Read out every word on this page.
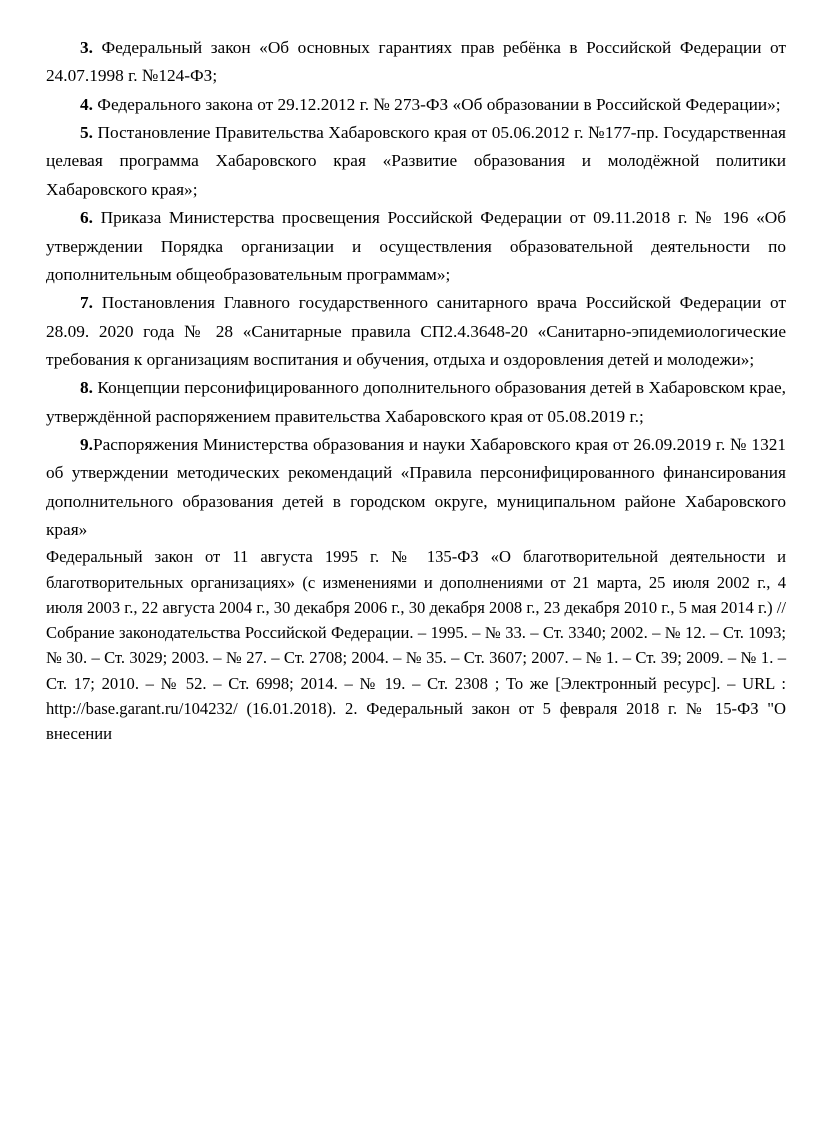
3. Федеральный закон «Об основных гарантиях прав ребёнка в Российской Федерации от 24.07.1998 г. №124-ФЗ;

4. Федерального закона от 29.12.2012 г. № 273-ФЗ «Об образовании в Российской Федерации»;

5. Постановление Правительства Хабаровского края от 05.06.2012 г. №177-пр. Государственная целевая программа Хабаровского края «Развитие образования и молодёжной политики Хабаровского края»;

6. Приказа Министерства просвещения Российской Федерации от 09.11.2018 г. № 196 «Об утверждении Порядка организации и осуществления образовательной деятельности по дополнительным общеобразовательным программам»;

7. Постановления Главного государственного санитарного врача Российской Федерации от 28.09. 2020 года № 28 «Санитарные правила СП2.4.3648-20 «Санитарно-эпидемиологические требования к организациям воспитания и обучения, отдыха и оздоровления детей и молодежи»;

8. Концепции персонифицированного дополнительного образования детей в Хабаровском крае, утверждённой распоряжением правительства Хабаровского края от 05.08.2019 г.;

9.Распоряжения Министерства образования и науки Хабаровского края от 26.09.2019 г. № 1321 об утверждении методических рекомендаций «Правила персонифицированного финансирования дополнительного образования детей в городском округе, муниципальном районе Хабаровского края»

Федеральный закон от 11 августа 1995 г. № 135-ФЗ «О благотворительной деятельности и благотворительных организациях» (с изменениями и дополнениями от 21 марта, 25 июля 2002 г., 4 июля 2003 г., 22 августа 2004 г., 30 декабря 2006 г., 30 декабря 2008 г., 23 декабря 2010 г., 5 мая 2014 г.) // Собрание законодательства Российской Федерации. – 1995. – № 33. – Ст. 3340; 2002. – № 12. – Ст. 1093; № 30. – Ст. 3029; 2003. – № 27. – Ст. 2708; 2004. – № 35. – Ст. 3607; 2007. – № 1. – Ст. 39; 2009. – № 1. – Ст. 17; 2010. – № 52. – Ст. 6998; 2014. – № 19. – Ст. 2308 ; То же [Электронный ресурс]. – URL : http://base.garant.ru/104232/ (16.01.2018). 2. Федеральный закон от 5 февраля 2018 г. № 15-ФЗ "О внесении
